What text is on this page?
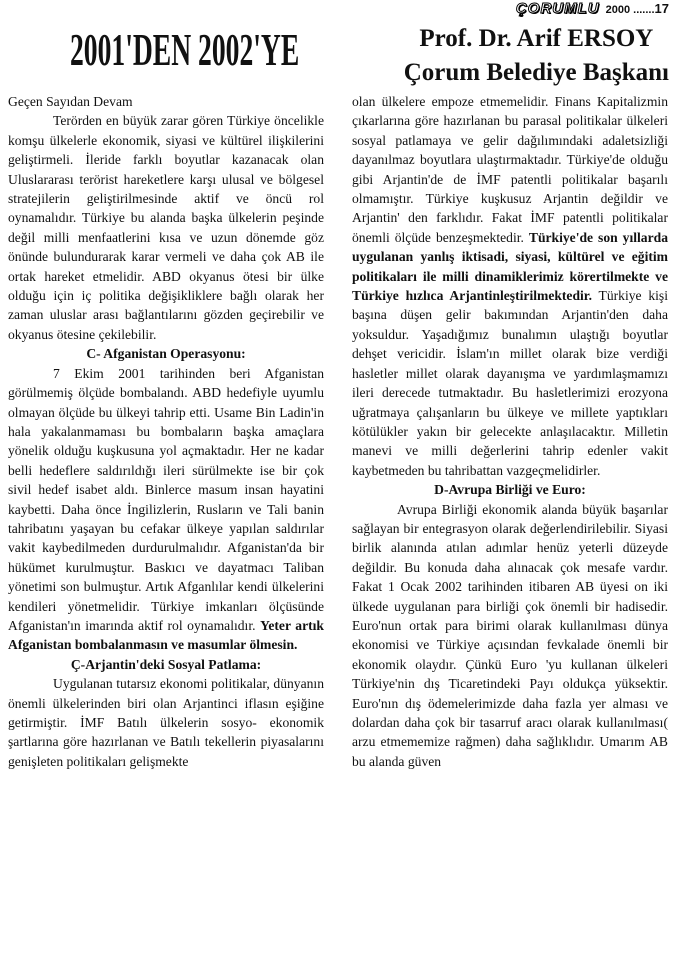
ÇORUMLU 2000 .......17
2001'DEN 2002'YE	Prof. Dr. Arif ERSOY
Çorum Belediye Başkanı

Geçen Sayıdan Devam

Terörden en büyük zarar gören Türkiye öncelikle komşu ülkelerle ekonomik, siyasi ve kültürel ilişkilerini geliştirmeli. İleride farklı boyutlar kazanacak olan Uluslararası terörist hareketlere karşı ulusal ve bölgesel stratejilerin geliştirilmesinde aktif ve öncü rol oynamalıdır. Türkiye bu alanda başka ülkelerin peşinde değil milli menfaatlerini kısa ve uzun dönemde göz önünde bulundurarak karar vermeli ve daha çok AB ile ortak hareket etmelidir. ABD okyanus ötesi bir ülke olduğu için iç politika değişikliklere bağlı olarak her zaman uluslar arası bağlantılarını gözden geçirebilir ve okyanus ötesine çekilebilir.

C- Afganistan Operasyonu:

7 Ekim 2001 tarihinden beri Afganistan görülmemiş ölçüde bombalandı. ABD hedefiyle uyumlu olmayan ölçüde bu ülkeyi tahrip etti. Usame Bin Ladin'in hala yakalanmaması bu bombaların başka amaçlara yönelik olduğu kuşkusuna yol açmaktadır. Her ne kadar belli hedeflere saldırıldığı ileri sürülmekte ise bir çok sivil hedef isabet aldı. Binlerce masum insan hayatini kaybetti. Daha önce İngilizlerin, Rusların ve Tali banin tahribatını yaşayan bu cefakar ülkeye yapılan saldırılar vakit kaybedilmeden durdurulmalıdır. Afganistan'da bir hükümet kurulmuştur. Baskıcı ve dayatmacı Taliban yönetimi son bulmuştur. Artık Afganlılar kendi ülkelerini kendileri yönetmelidir. Türkiye imkanları ölçüsünde Afganistan'ın imarında aktif rol oynamalıdır. Yeter artık Afganistan bombalanmasın ve masumlar ölmesin.

Ç-Arjantin'deki Sosyal Patlama:

Uygulanan tutarsız ekonomi politikalar, dünyanın önemli ülkelerinden biri olan Arjantinci iflasın eşiğine getirmiştir. İMF Batılı ülkelerin sosyo- ekonomik şartlarına göre hazırlanan ve Batılı tekellerin piyasalarını genişleten politikaları gelişmekte

olan ülkelere empoze etmemelidir. Finans Kapitalizmin çıkarlarına göre hazırlanan bu parasal politikalar ülkeleri sosyal patlamaya ve gelir dağılımındaki adaletsizliği dayanılmaz boyutlara ulaştırmaktadır. Türkiye'de olduğu gibi Arjantin'de de İMF patentli politikalar başarılı olmamıştır. Türkiye kuşkusuz Arjantin değildir ve Arjantin' den farklıdır. Fakat İMF patentli politikalar önemli ölçüde benzeşmektedir. Türkiye'de son yıllarda uygulanan yanlış iktisadi, siyasi, kültürel ve eğitim politikaları ile milli dinamiklerimiz körertilmekte ve Türkiye hızlıca Arjantinleştirilmektedir. Türkiye kişi başına düşen gelir bakımından Arjantin'den daha yoksuldur. Yaşadığımız bunalımın ulaştığı boyutlar dehşet vericidir. İslam'ın millet olarak bize verdiği hasletler millet olarak dayanışma ve yardımlaşmamızı ileri derecede tutmaktadır. Bu hasletlerimizi erozyona uğratmaya çalışanların bu ülkeye ve millete yaptıkları kötülükler yakın bir gelecekte anlaşılacaktır. Milletin manevi ve milli değerlerini tahrip edenler vakit kaybetmeden bu tahribattan vazgeçmelidirler.

D-Avrupa Birliği ve Euro:

Avrupa Birliği ekonomik alanda büyük başarılar sağlayan bir entegrasyon olarak değerlendirilebilir. Siyasi birlik alanında atılan adımlar henüz yeterli düzeyde değildir. Bu konuda daha alınacak çok mesafe vardır. Fakat 1 Ocak 2002 tarihinden itibaren AB üyesi on iki ülkede uygulanan para birliği çok önemli bir hadisedir. Euro'nun ortak para birimi olarak kullanılması dünya ekonomisi ve Türkiye açısından fevkalade önemli bir ekonomik olaydır. Çünkü Euro 'yu kullanan ülkeleri Türkiye'nin dış Ticaretindeki Payı oldukça yüksektir. Euro'nın dış ödemelerimizde daha fazla yer alması ve dolardan daha çok bir tasarruf aracı olarak kullanılması( arzu etmememize rağmen) daha sağlıklıdır. Umarım AB bu alanda güven
